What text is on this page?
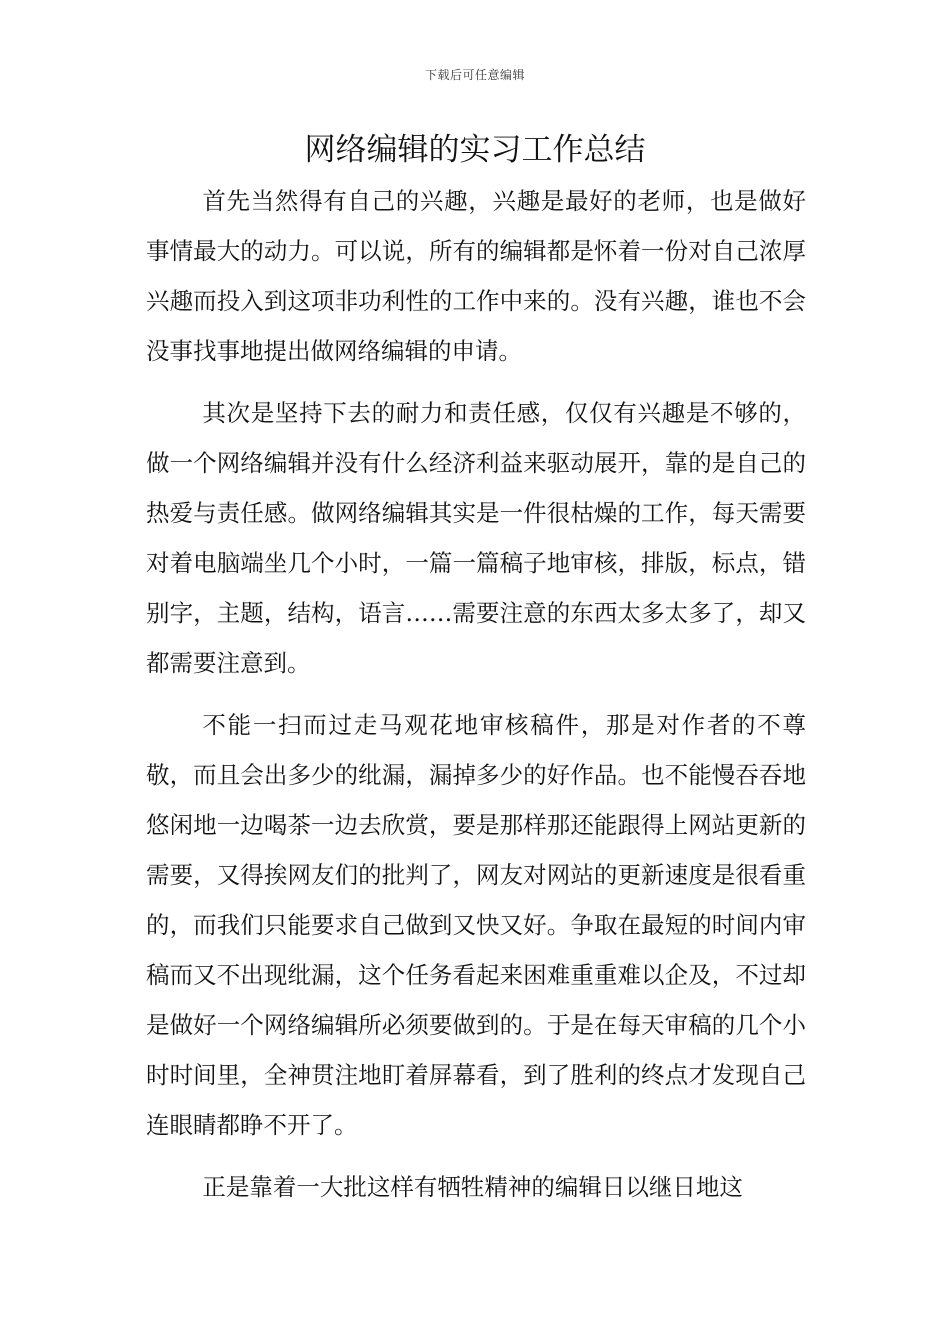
下载后可任意编辑
网络编辑的实习工作总结

首先当然得有自己的兴趣，兴趣是最好的老师，也是做好事情最大的动力。可以说，所有的编辑都是怀着一份对自己浓厚兴趣而投入到这项非功利性的工作中来的。没有兴趣，谁也不会没事找事地提出做网络编辑的申请。

其次是坚持下去的耐力和责任感，仅仅有兴趣是不够的，做一个网络编辑并没有什么经济利益来驱动展开，靠的是自己的热爱与责任感。做网络编辑其实是一件很枯燥的工作，每天需要对着电脑端坐几个小时，一篇一篇稿子地审核，排版，标点，错别字，主题，结构，语言……需要注意的东西太多太多了，却又都需要注意到。

不能一扫而过走马观花地审核稿件，那是对作者的不尊敬，而且会出多少的纰漏，漏掉多少的好作品。也不能慢吞吞地悠闲地一边喝茶一边去欣赏，要是那样那还能跟得上网站更新的需要，又得挨网友们的批判了，网友对网站的更新速度是很看重的，而我们只能要求自己做到又快又好。争取在最短的时间内审稿而又不出现纰漏，这个任务看起来困难重重难以企及，不过却是做好一个网络编辑所必须要做到的。于是在每天审稿的几个小时时间里，全神贯注地盯着屏幕看，到了胜利的终点才发现自己连眼睛都睁不开了。

正是靠着一大批这样有牺牲精神的编辑日以继日地这
